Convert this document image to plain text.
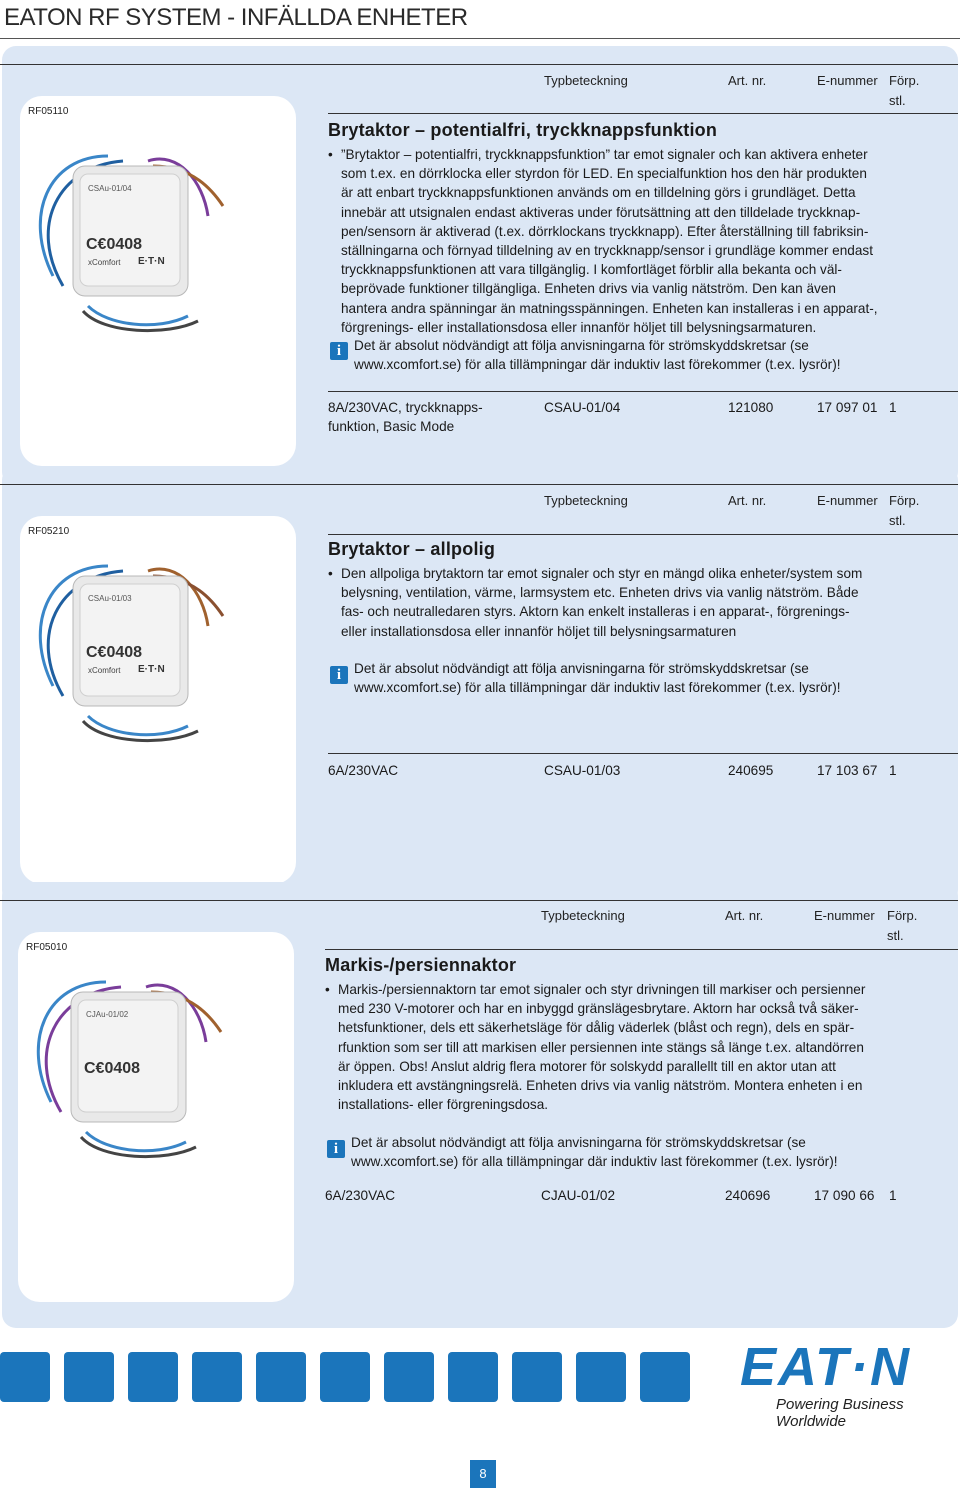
EATON RF SYSTEM - INFÄLLDA ENHETER
RF05110
CSAu-01/04
C€0408
xComfort E·T·N
Typbeteckning	Art. nr.	E-nummer Förp.
stl.
Brytaktor – potentialfri, tryckknappsfunktion
• ”Brytaktor – potentialfri, tryckknappsfunktion” tar emot signaler och kan aktivera enheter
som t.ex. en dörrklocka eller styrdon för LED. En specialfunktion hos den här produkten
är att enbart tryckknappsfunktionen används om en tilldelning görs i grundläget. Detta
innebär att utsignalen endast aktiveras under förutsättning att den tilldelade tryckknap-
pen/sensorn är aktiverad (t.ex. dörrklockans tryckknapp). Efter återställning till fabriksin-
ställningarna och förnyad tilldelning av en tryckknapp/sensor i grundläge kommer endast
tryckknappsfunktionen att vara tillgänglig. I komfortläget förblir alla bekanta och väl-
beprövade funktioner tillgängliga. Enheten drivs via vanlig nätström. Den kan även
hantera andra spänningar än matningsspänningen. Enheten kan installeras i en apparat-,
förgrenings- eller installationsdosa eller innanför höljet till belysningsarmaturen.
i Det är absolut nödvändigt att följa anvisningarna för strömskyddskretsar (se
www.xcomfort.se) för alla tillämpningar där induktiv last förekommer (t.ex. lysrör)!
8A/230VAC, tryckknapps-
funktion, Basic Mode
CSAU-01/04	121080	17 097 01 1
RF05210
CSAu-01/03
C€0408
xComfort E·T·N
Typbeteckning	Art. nr.	E-nummer Förp.
stl.
Brytaktor – allpolig
• Den allpoliga brytaktorn tar emot signaler och styr en mängd olika enheter/system som
belysning, ventilation, värme, larmsystem etc. Enheten drivs via vanlig nätström. Både
fas- och neutralledaren styrs. Aktorn kan enkelt installeras i en apparat-, förgrenings-
eller installationsdosa eller innanför höljet till belysningsarmaturen
i Det är absolut nödvändigt att följa anvisningarna för strömskyddskretsar (se
www.xcomfort.se) för alla tillämpningar där induktiv last förekommer (t.ex. lysrör)!
6A/230VAC	CSAU-01/03	240695	17 103 67 1
RF05010
CJAu-01/02
C€0408
Typbeteckning	Art. nr.	E-nummer Förp.
stl.
Markis-/persiennaktor
• Markis-/persiennaktorn tar emot signaler och styr drivningen till markiser och persienner
med 230 V-motorer och har en inbyggd gränslägesbrytare. Aktorn har också två säker-
hetsfunktioner, dels ett säkerhetsläge för dålig väderlek (blåst och regn), dels en spär-
rfunktion som ser till att markisen eller persiennen inte stängs så länge t.ex. altandörren
är öppen. Obs! Anslut aldrig flera motorer för solskydd parallellt till en aktor utan att
inkludera ett avstängningsrelä. Enheten drivs via vanlig nätström. Montera enheten i en
installations- eller förgreningsdosa.
i Det är absolut nödvändigt att följa anvisningarna för strömskyddskretsar (se
www.xcomfort.se) för alla tillämpningar där induktiv last förekommer (t.ex. lysrör)!
6A/230VAC	CJAU-01/02	240696	17 090 66 1
EAT·N
Powering Business Worldwide
8
